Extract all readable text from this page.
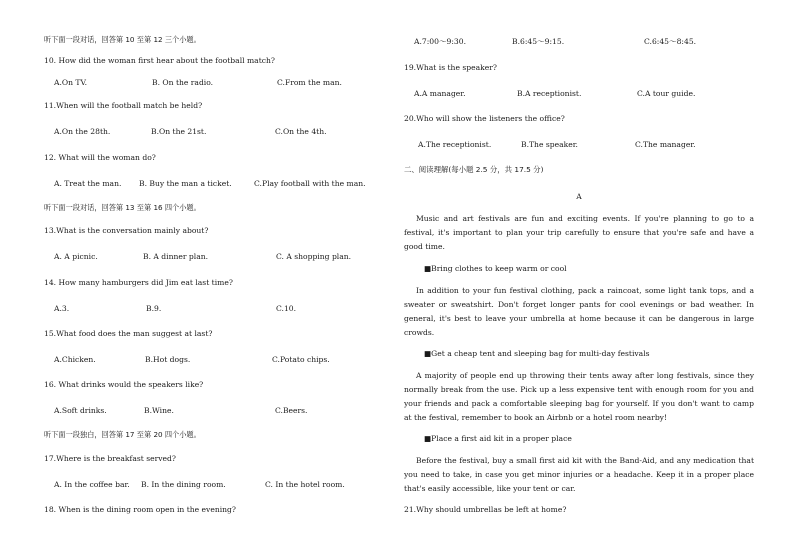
听下面一段对话，回答第 10 至第 12 三个小题。
10. How did the woman first hear about the football match?
A.On TV.	B. On the radio.	C.From the man.
11.When will the football match be held?
A.On the 28th.	B.On the 21st.	C.On the 4th.
12. What will the woman do?
A. Treat the man. B. Buy the man a ticket.	C.Play football with the man.
听下面一段对话，回答第 13 至第 16 四个小题。
13.What is the conversation mainly about?
A. A picnic.	B. A dinner plan.	C. A shopping plan.
14. How many hamburgers did Jim eat last time?
A.3.	B.9.	C.10.
15.What food does the man suggest at last?
A.Chicken.	B.Hot dogs.	C.Potato chips.
16. What drinks would the speakers like?
A.Soft drinks.	B.Wine.	C.Beers.
听下面一段独白，回答第 17 至第 20 四个小题。
17.Where is the breakfast served?
A. In the coffee bar. B. In the dining room.	C. In the hotel room.
18. When is the dining room open in the evening?
A.7:00～9:30.	B.6:45～9:15.	C.6:45～8:45.
19.What is the speaker?
A.A manager.	B.A receptionist.	C.A tour guide.
20.Who will show the listeners the office?
A.The receptionist.	B.The speaker.	C.The manager.
二、阅读理解(每小题 2.5 分，共 17.5 分)
A
Music and art festivals are fun and exciting events. If you're planning to go to a festival, it's important to plan your trip carefully to ensure that you're safe and have a good time.
■Bring clothes to keep warm or cool
In addition to your fun festival clothing, pack a raincoat, some light tank tops, and a sweater or sweatshirt. Don't forget longer pants for cool evenings or bad weather. In general, it's best to leave your umbrella at home because it can be dangerous in large crowds.
■Get a cheap tent and sleeping bag for multi-day festivals
A majority of people end up throwing their tents away after long festivals, since they normally break from the use. Pick up a less expensive tent with enough room for you and your friends and pack a comfortable sleeping bag for yourself. If you don't want to camp at the festival, remember to book an Airbnb or a hotel room nearby!
■Place a first aid kit in a proper place
Before the festival, buy a small first aid kit with the Band-Aid, and any medication that you need to take, in case you get minor injuries or a headache. Keep it in a proper place that's easily accessible, like your tent or car.
21.Why should umbrellas be left at home?
